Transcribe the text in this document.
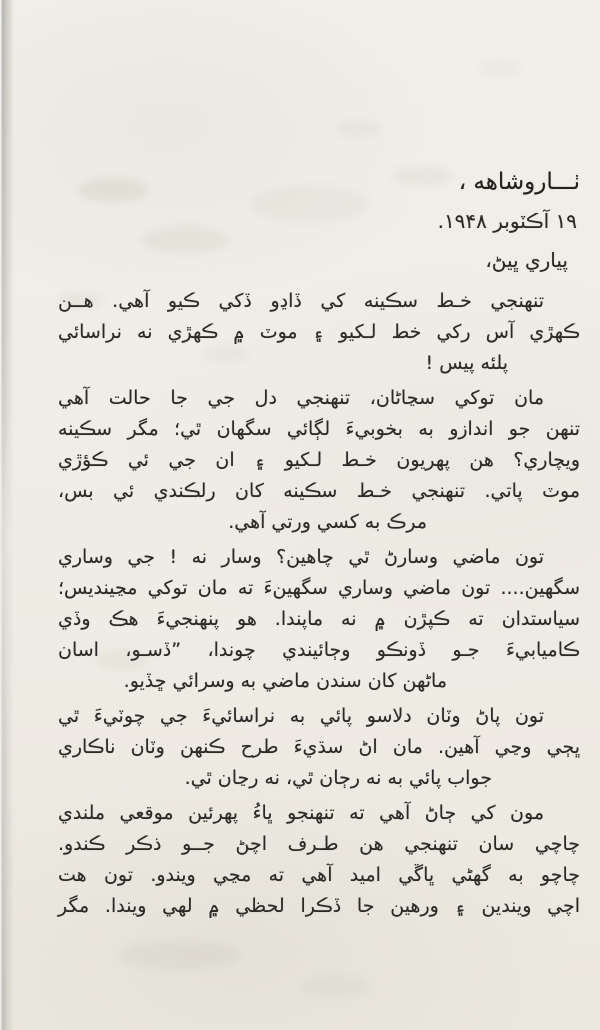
ٺـــاروشاهه ،
۱۹ آڪٽوبر ۱۹۴۸.
پياري ڀيڻ،
تنهنجي خـط سڪينه کي ڏاڍو ڏکي ڪيو آهي. هــن
ڪهڙي آس رکي خط لـکيو ۽ موٽ ۾ ڪهڙي نه نراسائي
پلئه پيس !
مان توکي سڃاڻان، تنهنجي دل جي جا حالت آهي
تنهن جو اندازو به بخوبيءَ لڳائي سگهان ٿي؛ مگر سڪينه
ويچاري؟ هن پهريون خـط لـکيو ۽ ان جي ئي ڪؤڙي
موٽ پاتي. تنهنجي خـط سڪينه کان رلڪندي ئي بس،
مرڪ به کسي ورتي آهي.
تون ماضي وسارڻ ٿي چاهين؟ وسار نه ! جي وساري
سگهين.... تون ماضي وساري سگهينءَ ته مان توکي مڃينديس؛
سياستدان ته ڪپڙن ۾ نه ماپندا. هو پنهنجيءَ هڪ وڏي
ڪاميابيءَ جـو ڏونڪو وڄائيندي چوندا، ”ڏسـو، اسان
ماڻهن کان سندن ماضي به وسرائي ڇڏيو.
تون پاڻ وٽان دلاسو پائي به نراسائيءَ جي چوٽيءَ ٿي
ڀڄي وڃي آهين. مان اڻ سڌيءَ طرح ڪنهن وٽان ناڪاري
جواب پائي به نه رڄان ٿي، نه رڃان ٿي.
مون کي ڄاڻ آهي ته تنهنجو ڀاءُ پهرئين موقعي ملندي
چاچي سان تنهنجي هن طـرف اچڻ جــو ذڪر ڪندو.
چاچو به گهڻي ڀاڱي اميد آهي ته مڃي ويندو. تون هت
اچي ويندين ۽ ورهين جا ڏڪرا لحظي ۾ لهي ويندا. مگر
